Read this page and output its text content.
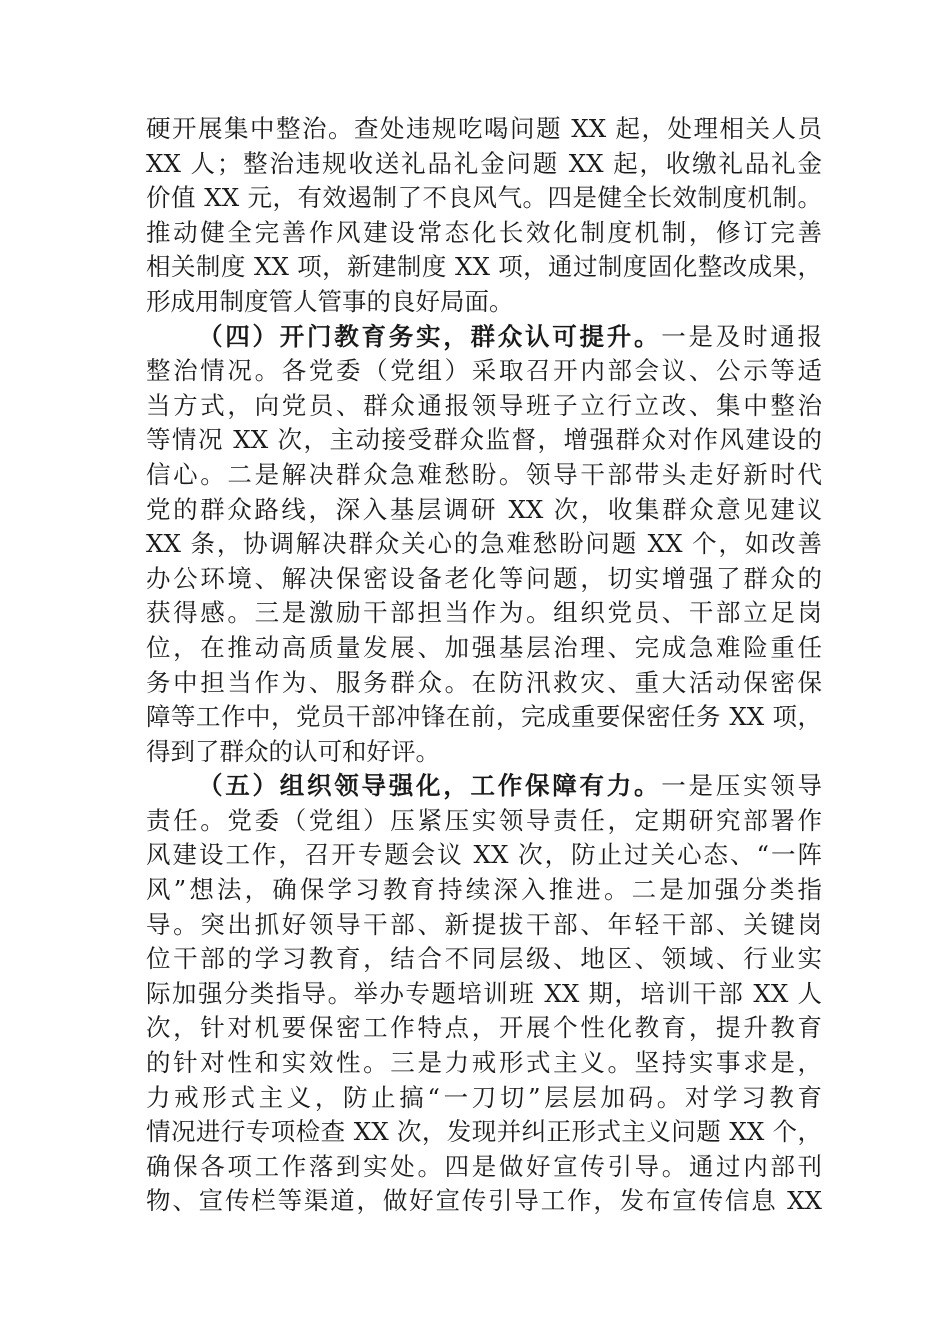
硬开展集中整治。查处违规吃喝问题 XX 起，处理相关人员
XX 人；整治违规收送礼品礼金问题 XX 起，收缴礼品礼金
价值 XX 元，有效遏制了不良风气。四是健全长效制度机制。
推动健全完善作风建设常态化长效化制度机制，修订完善
相关制度 XX 项，新建制度 XX 项，通过制度固化整改成果，
形成用制度管人管事的良好局面。
（四）开门教育务实，群众认可提升。一是及时通报
整治情况。各党委（党组）采取召开内部会议、公示等适
当方式，向党员、群众通报领导班子立行立改、集中整治
等情况 XX 次，主动接受群众监督，增强群众对作风建设的
信心。二是解决群众急难愁盼。领导干部带头走好新时代
党的群众路线，深入基层调研 XX 次，收集群众意见建议
XX 条，协调解决群众关心的急难愁盼问题 XX 个，如改善
办公环境、解决保密设备老化等问题，切实增强了群众的
获得感。三是激励干部担当作为。组织党员、干部立足岗
位，在推动高质量发展、加强基层治理、完成急难险重任
务中担当作为、服务群众。在防汛救灾、重大活动保密保
障等工作中，党员干部冲锋在前，完成重要保密任务 XX 项，
得到了群众的认可和好评。
（五）组织领导强化，工作保障有力。一是压实领导
责任。党委（党组）压紧压实领导责任，定期研究部署作
风建设工作，召开专题会议 XX 次，防止过关心态、“一阵
风”想法，确保学习教育持续深入推进。二是加强分类指
导。突出抓好领导干部、新提拔干部、年轻干部、关键岗
位干部的学习教育，结合不同层级、地区、领域、行业实
际加强分类指导。举办专题培训班 XX 期，培训干部 XX 人
次，针对机要保密工作特点，开展个性化教育，提升教育
的针对性和实效性。三是力戒形式主义。坚持实事求是，
力戒形式主义，防止搞“一刀切”层层加码。对学习教育
情况进行专项检查 XX 次，发现并纠正形式主义问题 XX 个，
确保各项工作落到实处。四是做好宣传引导。通过内部刊
物、宣传栏等渠道，做好宣传引导工作，发布宣传信息 XX
